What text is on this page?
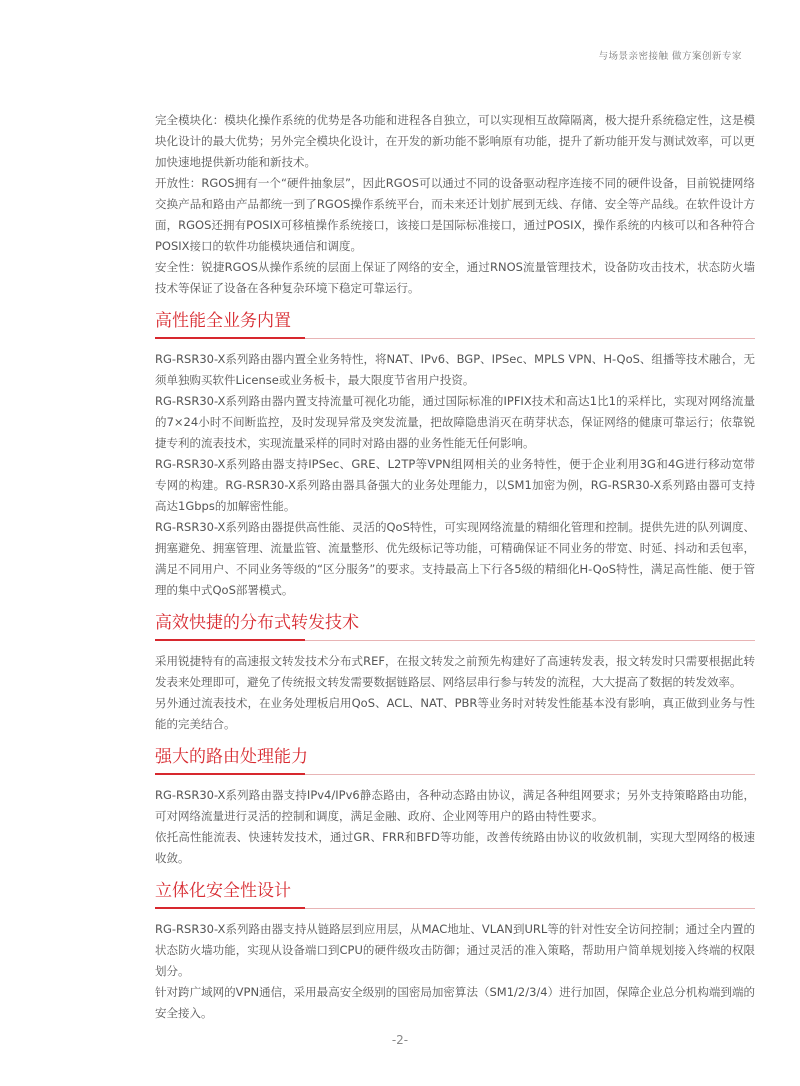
与场景亲密接触 做方案创新专家

完全模块化：模块化操作系统的优势是各功能和进程各自独立，可以实现相互故障隔离，极大提升系统稳定性，这是模块化设计的最大优势；另外完全模块化设计，在开发的新功能不影响原有功能，提升了新功能开发与测试效率，可以更加快速地提供新功能和新技术。

开放性：RGOS拥有一个“硬件抽象层”，因此RGOS可以通过不同的设备驱动程序连接不同的硬件设备，目前锐捷网络交换产品和路由产品都统一到了RGOS操作系统平台，而未来还计划扩展到无线、存储、安全等产品线。在软件设计方面，RGOS还拥有POSIX可移植操作系统接口，该接口是国际标准接口，通过POSIX，操作系统的内核可以和各种符合POSIX接口的软件功能模块通信和调度。

安全性：锐捷RGOS从操作系统的层面上保证了网络的安全，通过RNOS流量管理技术，设备防攻击技术，状态防火墙技术等保证了设备在各种复杂环境下稳定可靠运行。

高性能全业务内置

RG-RSR30-X系列路由器内置全业务特性，将NAT、IPv6、BGP、IPSec、MPLS VPN、H-QoS、组播等技术融合，无须单独购买软件License或业务板卡，最大限度节省用户投资。

RG-RSR30-X系列路由器内置支持流量可视化功能，通过国际标准的IPFIX技术和高达1比1的采样比，实现对网络流量的7×24小时不间断监控，及时发现异常及突发流量，把故障隐患消灭在萌芽状态，保证网络的健康可靠运行；依靠锐捷专利的流表技术，实现流量采样的同时对路由器的业务性能无任何影响。

RG-RSR30-X系列路由器支持IPSec、GRE、L2TP等VPN组网相关的业务特性，便于企业利用3G和4G进行移动宽带专网的构建。RG-RSR30-X系列路由器具备强大的业务处理能力，以SM1加密为例，RG-RSR30-X系列路由器可支持高达1Gbps的加解密性能。

RG-RSR30-X系列路由器提供高性能、灵活的QoS特性，可实现网络流量的精细化管理和控制。提供先进的队列调度、拥塞避免、拥塞管理、流量监管、流量整形、优先级标记等功能，可精确保证不同业务的带宽、时延、抖动和丢包率，满足不同用户、不同业务等级的“区分服务”的要求。支持最高上下行各5级的精细化H-QoS特性，满足高性能、便于管理的集中式QoS部署模式。

高效快捷的分布式转发技术

采用锐捷特有的高速报文转发技术分布式REF，在报文转发之前预先构建好了高速转发表，报文转发时只需要根据此转发表来处理即可，避免了传统报文转发需要数据链路层、网络层串行参与转发的流程，大大提高了数据的转发效率。

另外通过流表技术，在业务处理板启用QoS、ACL、NAT、PBR等业务时对转发性能基本没有影响，真正做到业务与性能的完美结合。

强大的路由处理能力

RG-RSR30-X系列路由器支持IPv4/IPv6静态路由，各种动态路由协议，满足各种组网要求；另外支持策略路由功能，可对网络流量进行灵活的控制和调度，满足金融、政府、企业网等用户的路由特性要求。

依托高性能流表、快速转发技术，通过GR、FRR和BFD等功能，改善传统路由协议的收敛机制，实现大型网络的极速收敛。

立体化安全性设计

RG-RSR30-X系列路由器支持从链路层到应用层，从MAC地址、VLAN到URL等的针对性安全访问控制；通过全内置的状态防火墙功能，实现从设备端口到CPU的硬件级攻击防御；通过灵活的准入策略，帮助用户简单规划接入终端的权限划分。

针对跨广域网的VPN通信，采用最高安全级别的国密局加密算法（SM1/2/3/4）进行加固，保障企业总分机构端到端的安全接入。

-2-
